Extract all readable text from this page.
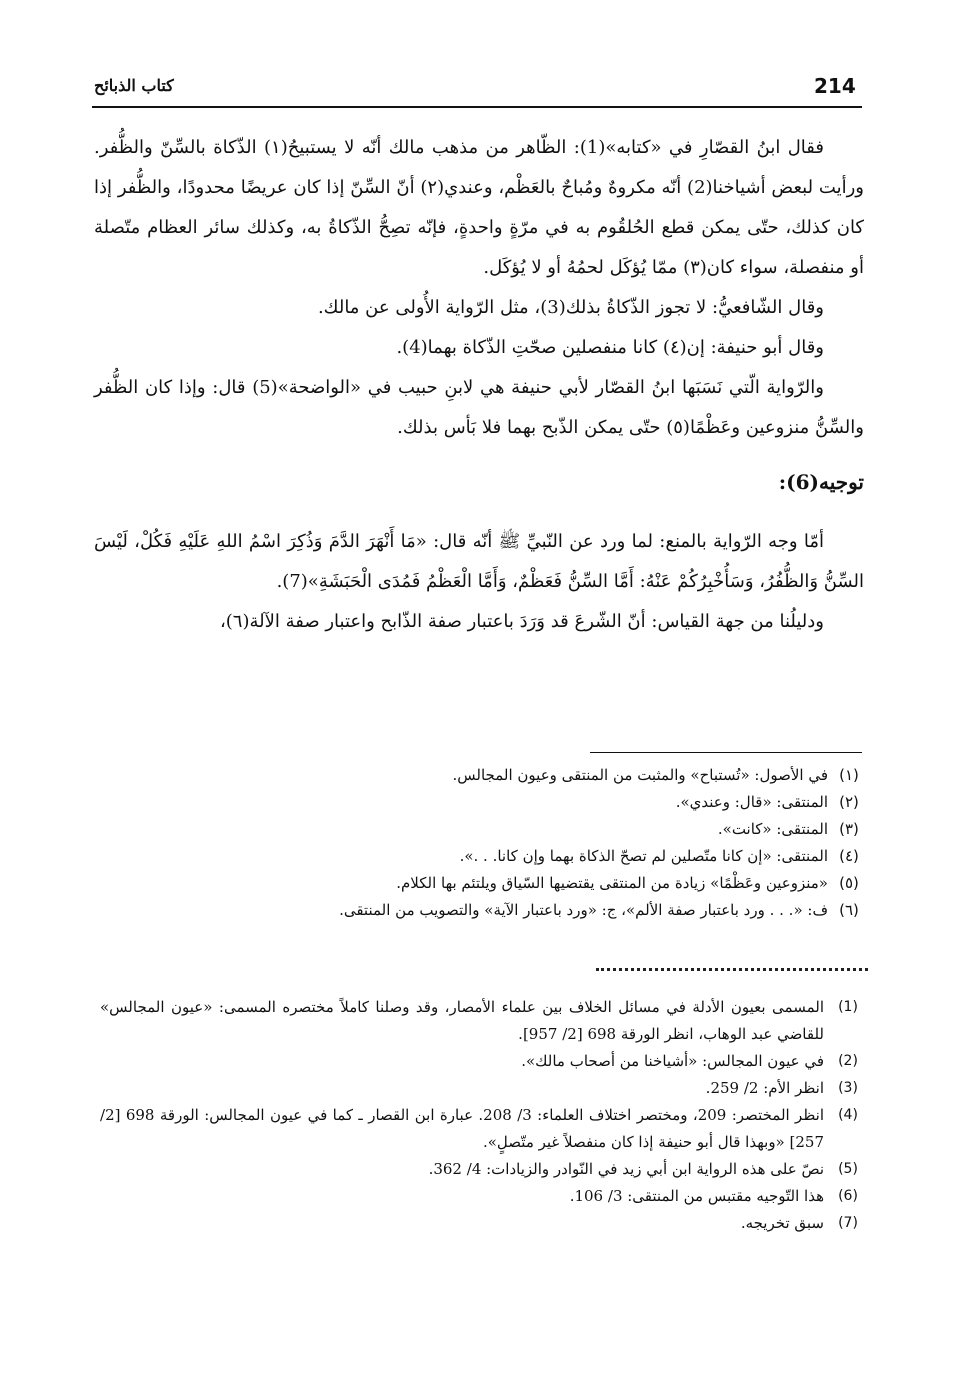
214
كتاب الذبائح

فقال ابنُ القصّارِ في «كتابه»(1): الظّاهر من مذهب مالك أنّه لا يستبيحُ(١) الذّكاة بالسِّنّ والظُّفر. ورأيت لبعض أشياخنا(2) أنّه مكروهٌ ومُباحٌ بالعَظْم، وعندي(٢) أنّ السِّنّ إذا كان عريضًا محدودًا، والظُّفر إذا كان كذلك، حتّى يمكن قطع الحُلقُوم به في مرّةٍ واحدةٍ، فإنّه تصِحُّ الذّكاةُ به، وكذلك سائر العظام متّصلة أو منفصلة، سواء كان(٣) ممّا يُؤكَل لحمُهُ أو لا يُؤكَل.

وقال الشّافعيُّ: لا تجوز الذّكاةُ بذلك(3)، مثل الرّواية الأُولى عن مالك.

وقال أبو حنيفة: إن(٤) كانا منفصلين صحّتِ الذّكاة بهما(4).

والرّواية الّتي نَسَبَها ابنُ القصّار لأبي حنيفة هي لابنِ حبيب في «الواضحة»(5) قال: وإذا كان الظُّفر والسِّنُّ منزوعين وعَظْمًا(٥) حتّى يمكن الذّبح بهما فلا بَأس بذلك.

توجيه(6):

أمّا وجه الرّواية بالمنع: لما ورد عن النّبيِّ ﷺ أنّه قال: «مَا أَنْهَرَ الدَّمَ وَذُكِرَ اسْمُ اللهِ عَلَيْهِ فَكُلْ، لَيْسَ السِّنُّ وَالظُّفُرُ، وَسَأُخْبِرُكُمْ عَنْهُ: أَمَّا السِّنُّ فَعَظْمٌ، وَأَمَّا الْعَظْمُ فَمُدَى الْحَبَشَةِ»(7).

ودليلُنا من جهة القياس: أنّ الشّرعَ قد وَرَدَ باعتبار صفة الذّابح واعتبار صفة الآلة(٦)،

(١)
في الأصول: «تُستباح» والمثبت من المنتقى وعيون المجالس.
(٢)
المنتقى: «قال: وعندي».
(٣)
المنتقى: «كانت».
(٤)
المنتقى: «إن كانا متّصلين لم تصحّ الذكاة بهما وإن كانا. . .».
(٥)
«منزوعين وعَظْمًا» زيادة من المنتقى يقتضيها السّياق ويلتئم بها الكلام.
(٦)
ف: «. . . ورد باعتبار صفة الألم»، ج: «ورد باعتبار الآية» والتصويب من المنتقى.
(1)
المسمى بعيون الأدلة في مسائل الخلاف بين علماء الأمصار، وقد وصلنا كاملاً مختصره المسمى: «عيون المجالس» للقاضي عبد الوهاب، انظر الورقة 698 [2/ 957].
(2)
في عيون المجالس: «أشياخنا من أصحاب مالك».
(3)
انظر الأم: 2/ 259.
(4)
انظر المختصر: 209، ومختصر اختلاف العلماء: 3/ 208. عبارة ابن القصار ـ كما في عيون المجالس: الورقة 698 [2/ 257] «وبهذا قال أبو حنيفة إذا كان منفصلاً غير متّصلٍ».
(5)
نصّ على هذه الرواية ابن أبي زيد في النّوادر والزيادات: 4/ 362.
(6)
هذا التّوجيه مقتبس من المنتقى: 3/ 106.
(7)
سبق تخريجه.
